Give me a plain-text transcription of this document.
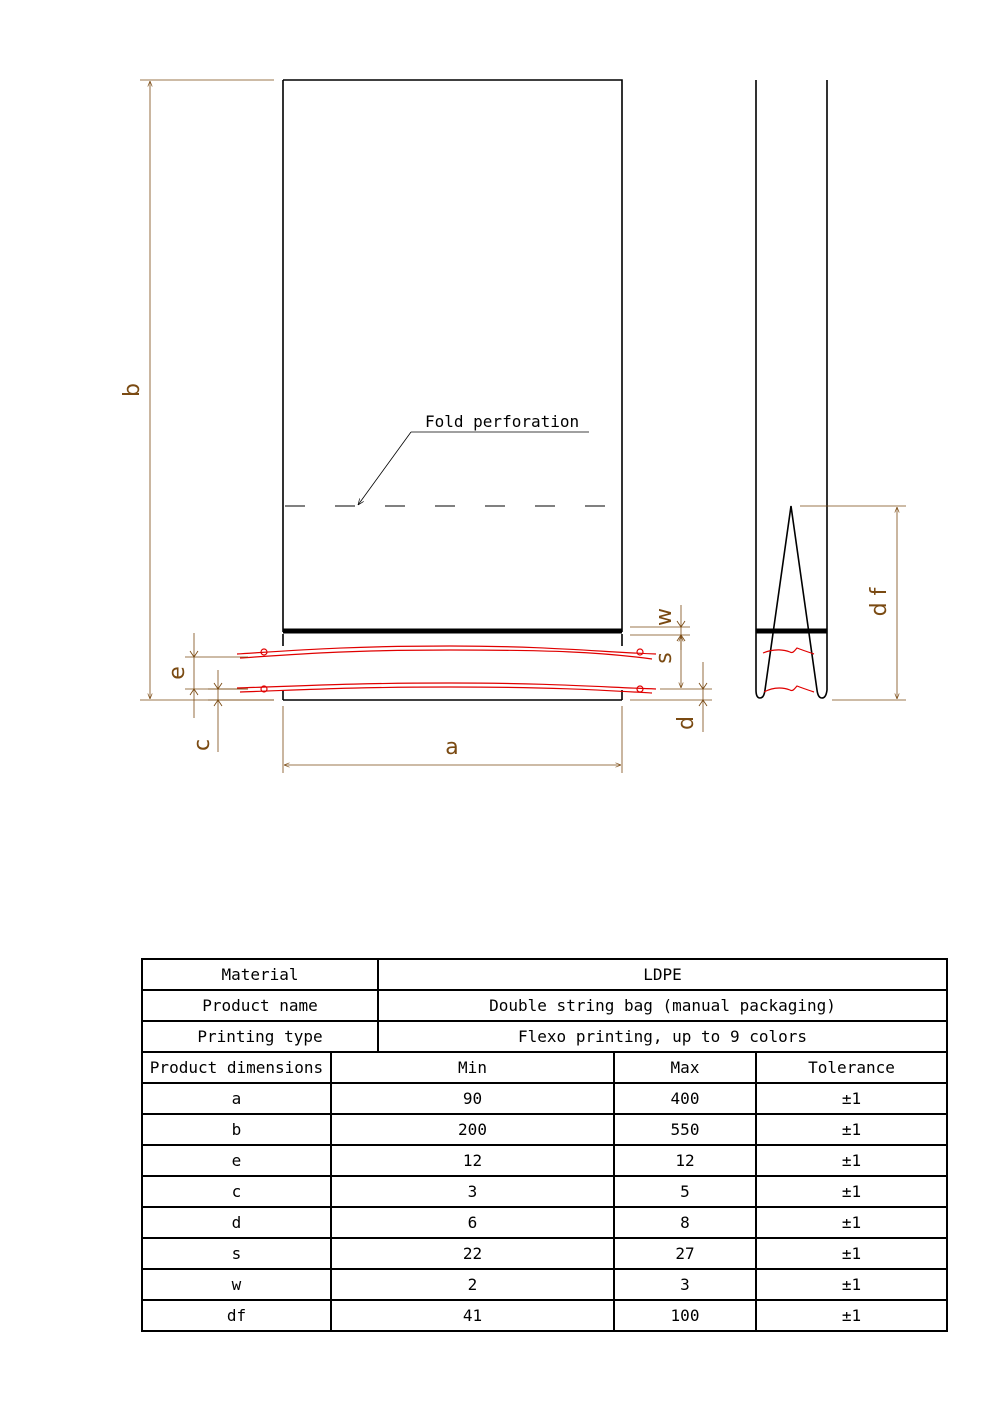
Fold perforation
b
e
c	a
w
s
d
d f
Material		LDPE		
Product name		Double string bag (manual packaging)		
Printing type		Flexo printing, up to 9 colors		
Product dimensions	Min		Max	Tolerance
a	90		400	±1
b	200		550	±1
e	12		12	±1
c	3		5	±1
d	6		8	±1
s	22		27	±1
w	2		3	±1
df	41		100	±1
